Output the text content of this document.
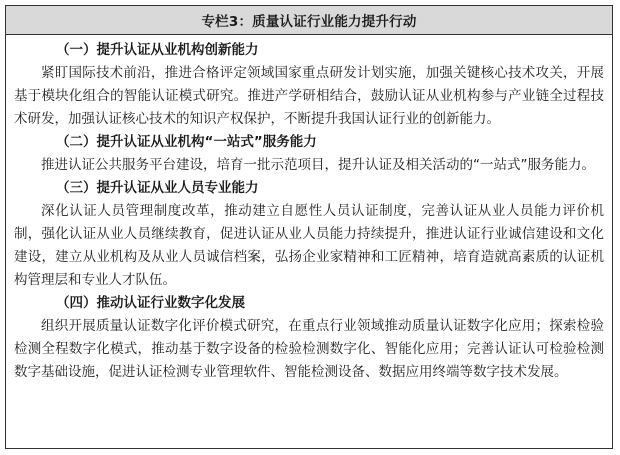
专栏3：质量认证行业能力提升行动
（一）提升认证从业机构创新能力

紧盯国际技术前沿，推进合格评定领域国家重点研发计划实施，加强关键核心技术攻关，开展基于模块化组合的智能认证模式研究。推进产学研相结合，鼓励认证从业机构参与产业链全过程技术研发，加强认证核心技术的知识产权保护，不断提升我国认证行业的创新能力。

（二）提升认证从业机构“一站式”服务能力

推进认证公共服务平台建设，培育一批示范项目，提升认证及相关活动的“一站式”服务能力。

（三）提升认证从业人员专业能力

深化认证人员管理制度改革，推动建立自愿性人员认证制度，完善认证从业人员能力评价机制，强化认证从业人员继续教育，促进认证从业人员能力持续提升，推进认证行业诚信建设和文化建设，建立从业机构及从业人员诚信档案，弘扬企业家精神和工匠精神，培育造就高素质的认证机构管理层和专业人才队伍。

（四）推动认证行业数字化发展

组织开展质量认证数字化评价模式研究，在重点行业领域推动质量认证数字化应用；探索检验检测全程数字化模式，推动基于数字设备的检验检测数字化、智能化应用；完善认证认可检验检测数字基础设施，促进认证检测专业管理软件、智能检测设备、数据应用终端等数字技术发展。
